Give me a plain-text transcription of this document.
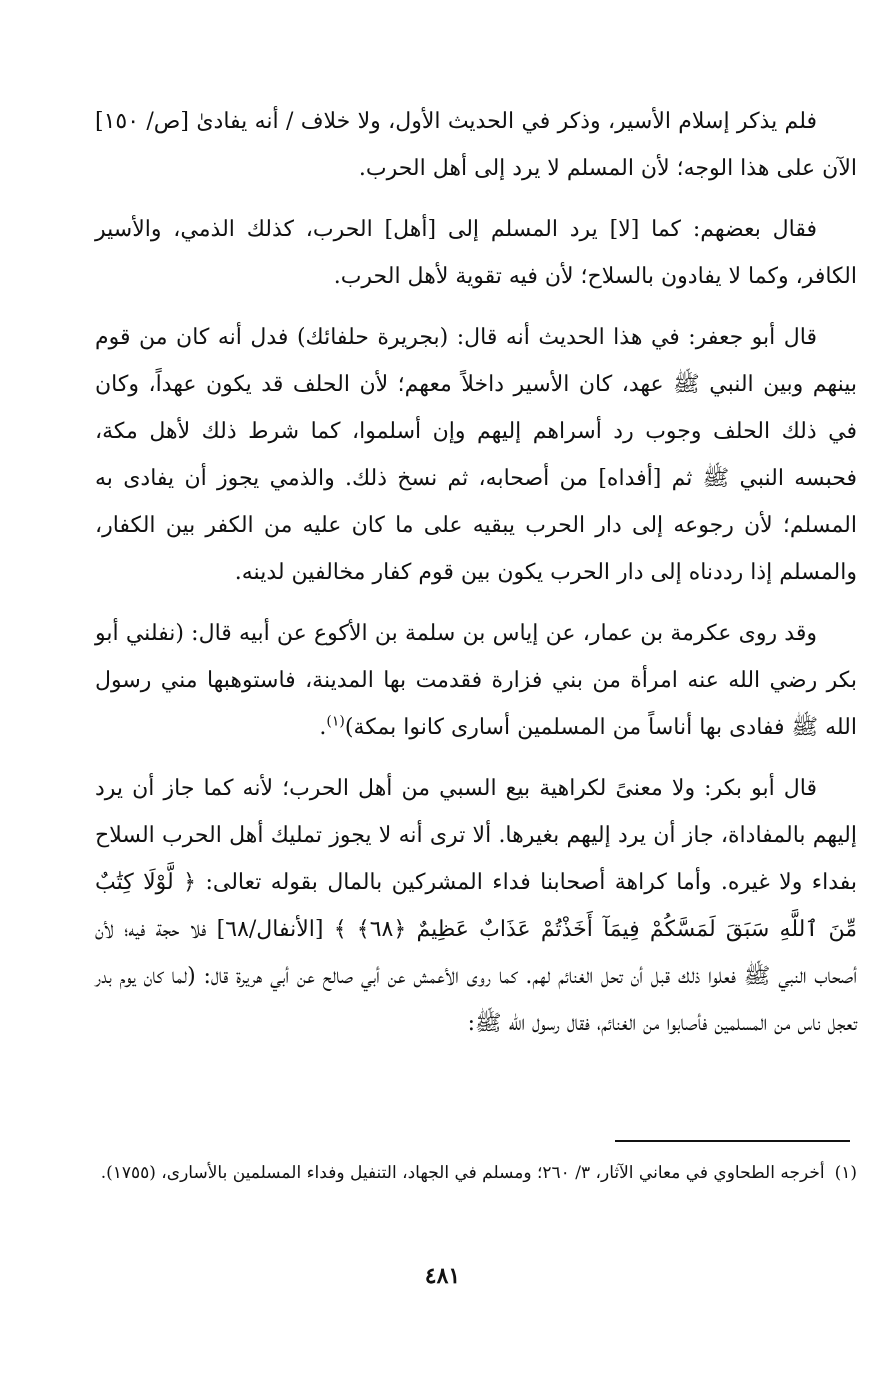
فلم يذكر إسلام الأسير، وذكر في الحديث الأول، ولا خلاف / أنه يفادىٰ [ص/ ١٥٠] الآن على هذا الوجه؛ لأن المسلم لا يرد إلى أهل الحرب.

فقال بعضهم: كما [لا] يرد المسلم إلى [أهل] الحرب، كذلك الذمي، والأسير الكافر، وكما لا يفادون بالسلاح؛ لأن فيه تقوية لأهل الحرب.

قال أبو جعفر: في هذا الحديث أنه قال: (بجريرة حلفائك) فدل أنه كان من قوم بينهم وبين النبي ﷺ عهد، كان الأسير داخلاً معهم؛ لأن الحلف قد يكون عهداً، وكان في ذلك الحلف وجوب رد أسراهم إليهم وإن أسلموا، كما شرط ذلك لأهل مكة، فحبسه النبي ﷺ ثم [أفداه] من أصحابه، ثم نسخ ذلك. والذمي يجوز أن يفادى به المسلم؛ لأن رجوعه إلى دار الحرب يبقيه على ما كان عليه من الكفر بين الكفار، والمسلم إذا رددناه إلى دار الحرب يكون بين قوم كفار مخالفين لدينه.

وقد روى عكرمة بن عمار، عن إياس بن سلمة بن الأكوع عن أبيه قال: (نفلني أبو بكر رضي الله عنه امرأة من بني فزارة فقدمت بها المدينة، فاستوهبها مني رسول الله ﷺ ففادى بها أناساً من المسلمين أسارى كانوا بمكة)$^{(١)}$.

قال أبو بكر: ولا معنىً لكراهية بيع السبي من أهل الحرب؛ لأنه كما جاز أن يرد إليهم بالمفاداة، جاز أن يرد إليهم بغيرها. ألا ترى أنه لا يجوز تمليك أهل الحرب السلاح بفداء ولا غيره. وأما كراهة أصحابنا فداء المشركين بالمال بقوله تعالى: ﴿ لَّوْلَا كِتَٰبٌ مِّنَ ٱللَّهِ سَبَقَ لَمَسَّكُمْ فِيمَآ أَخَذْتُمْ عَذَابٌ عَظِيمٌ ﴿٦٨﴾ ﴾ [الأنفال/٦٨] فلا حجة فيه؛ لأن أصحاب النبي ﷺ فعلوا ذلك قبل أن تحل الغنائم لهم. كما روى الأعمش عن أبي صالح عن أبي هريرة قال: (لما كان يوم بدر تعجل ناس من المسلمين فأصابوا من الغنائم، فقال رسول الله ﷺ:

(١)أخرجه الطحاوي في معاني الآثار، ٣/ ٢٦٠؛ ومسلم في الجهاد، التنفيل وفداء المسلمين بالأسارى، (١٧٥٥).
٤٨١
